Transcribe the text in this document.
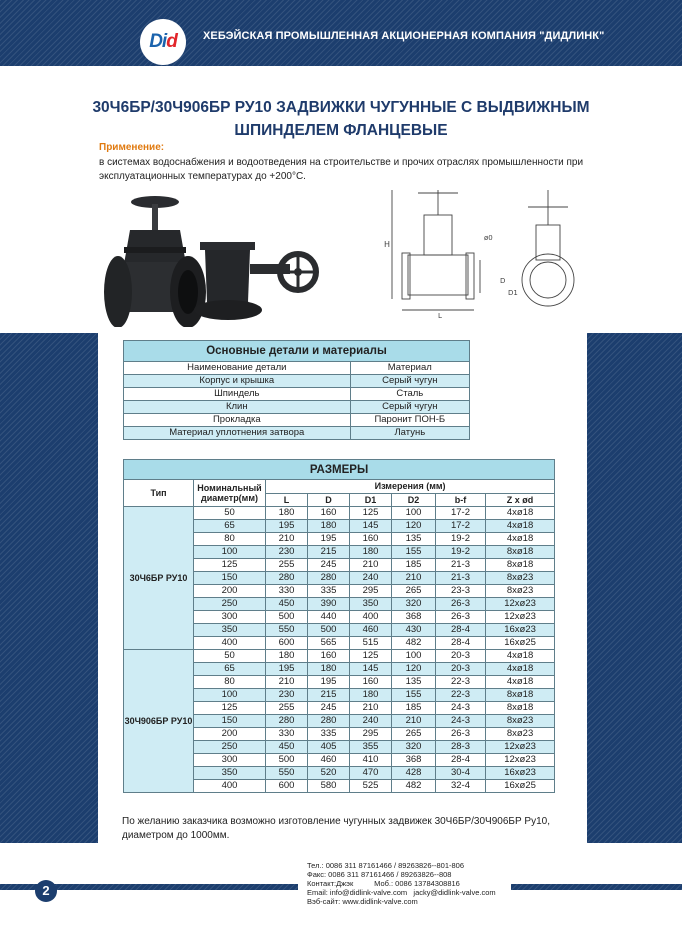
Did ХЕБЭЙСКАЯ ПРОМЫШЛЕННАЯ АКЦИОНЕРНАЯ КОМПАНИЯ "ДИДЛИНК"
30Ч6БР/30Ч906БР РУ10 ЗАДВИЖКИ ЧУГУННЫЕ С ВЫДВИЖНЫМ
ШПИНДЕЛЕМ ФЛАНЦЕВЫЕ
Применение:
в системах водоснабжения и водоотведения на строительстве и прочих отраслях промышленности при эксплуатационных температурах до +200°С.
H
ø0
L
D1
D
Основные детали и материалы	
Наименование детали	Материал
Корпус и крышка	Серый чугун
Шпиндель	Сталь
Клин	Серый чугун
Прокладка	Паронит ПОН-Б
Материал уплотнения затвора	Латунь
РАЗМЕРЫ							
Тип	Номинальный диаметр(мм)	Измерения (мм)					
		L	D	D1	D2	b-f	Z x ød
30Ч6БР РУ10	50	180	160	125	100	17-2	4xø18
	65	195	180	145	120	17-2	4xø18
	80	210	195	160	135	19-2	4xø18
	100	230	215	180	155	19-2	8xø18
	125	255	245	210	185	21-3	8xø18
	150	280	280	240	210	21-3	8xø23
	200	330	335	295	265	23-3	8xø23
	250	450	390	350	320	26-3	12xø23
	300	500	440	400	368	26-3	12xø23
	350	550	500	460	430	28-4	16xø23
	400	600	565	515	482	28-4	16xø25
30Ч906БР РУ10	50	180	160	125	100	20-3	4xø18
	65	195	180	145	120	20-3	4xø18
	80	210	195	160	135	22-3	4xø18
	100	230	215	180	155	22-3	8xø18
	125	255	245	210	185	24-3	8xø18
	150	280	280	240	210	24-3	8xø23
	200	330	335	295	265	26-3	8xø23
	250	450	405	355	320	28-3	12xø23
	300	500	460	410	368	28-4	12xø23
	350	550	520	470	428	30-4	16xø23
	400	600	580	525	482	32-4	16xø25
По желанию заказчика возможно изготовление чугунных задвижек 30Ч6БР/30Ч906БР Ру10,
диаметром до 1000мм.
2
Тел.: 0086 311 87161466 / 89263826--801-806
Факс: 0086 311 87161466 / 89263826--808
Контакт:Джэк          Моб.: 0086 13784308816
Email: info@didlink-valve.com   jacky@didlink-valve.com
Вэб-сайт: www.didlink-valve.com
